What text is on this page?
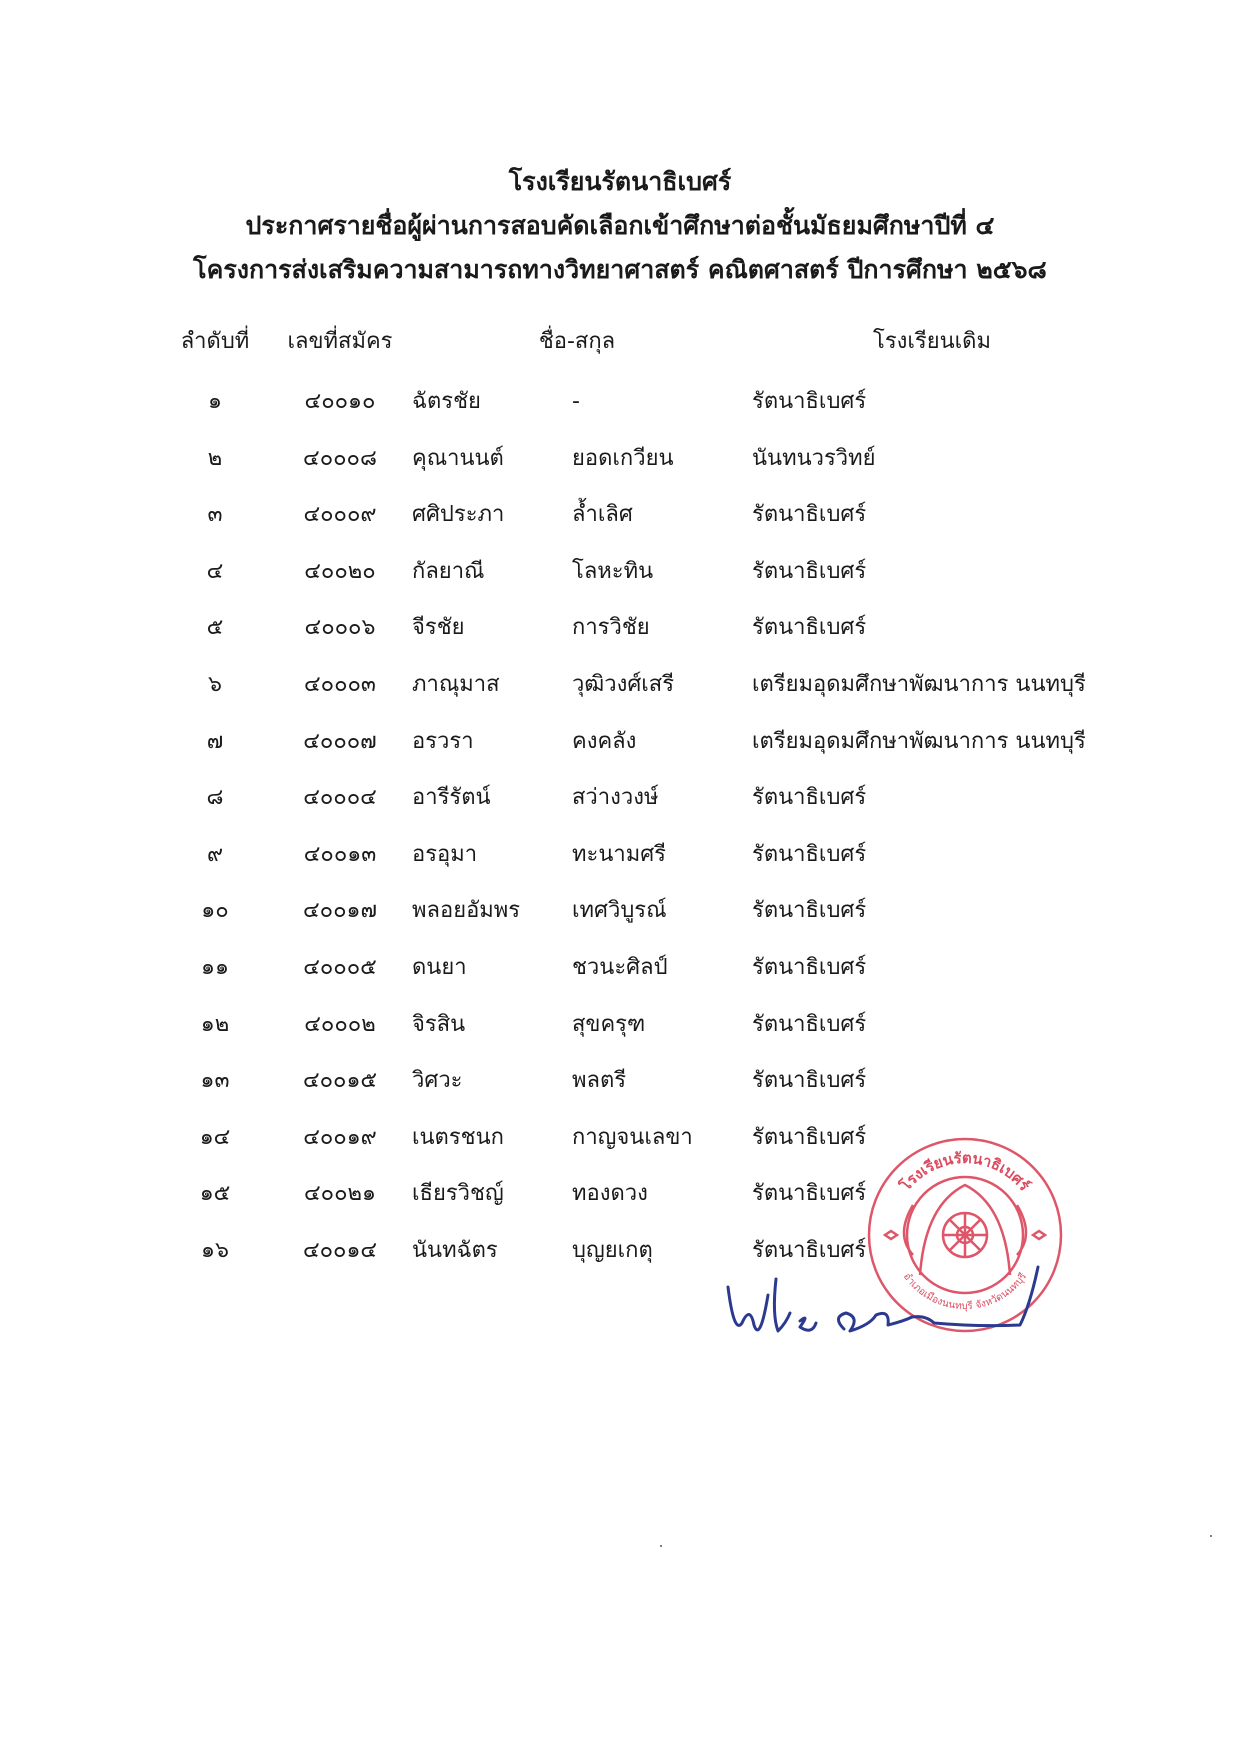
โรงเรียนรัตนาธิเบศร์
ประกาศรายชื่อผู้ผ่านการสอบคัดเลือกเข้าศึกษาต่อชั้นมัธยมศึกษาปีที่ ๔
โครงการส่งเสริมความสามารถทางวิทยาศาสตร์ คณิตศาสตร์ ปีการศึกษา ๒๕๖๘
ลำดับที่	เลขที่สมัคร	ชื่อ-สกุล	โรงเรียนเดิม
๑	๔๐๐๑๐	ฉัตรชัย	-	รัตนาธิเบศร์
๒	๔๐๐๐๘	คุณานนต์	ยอดเกวียน	นันทนวรวิทย์
๓	๔๐๐๐๙	ศศิประภา	ล้ำเลิศ	รัตนาธิเบศร์
๔	๔๐๐๒๐	กัลยาณี	โลหะทิน	รัตนาธิเบศร์
๕	๔๐๐๐๖	จีรชัย	การวิชัย	รัตนาธิเบศร์
๖	๔๐๐๐๓	ภาณุมาส	วุฒิวงศ์เสรี	เตรียมอุดมศึกษาพัฒนาการ นนทบุรี
๗	๔๐๐๐๗	อรวรา	คงคลัง	เตรียมอุดมศึกษาพัฒนาการ นนทบุรี
๘	๔๐๐๐๔	อารีรัตน์	สว่างวงษ์	รัตนาธิเบศร์
๙	๔๐๐๑๓	อรอุมา	ทะนามศรี	รัตนาธิเบศร์
๑๐	๔๐๐๑๗	พลอยอัมพร	เทศวิบูรณ์	รัตนาธิเบศร์
๑๑	๔๐๐๐๕	ดนยา	ชวนะศิลป์	รัตนาธิเบศร์
๑๒	๔๐๐๐๒	จิรสิน	สุขครุฑ	รัตนาธิเบศร์
๑๓	๔๐๐๑๕	วิศวะ	พลตรี	รัตนาธิเบศร์
๑๔	๔๐๐๑๙	เนตรชนก	กาญจนเลขา	รัตนาธิเบศร์
๑๕	๔๐๐๒๑	เธียรวิชญ์	ทองดวง	รัตนาธิเบศร์
๑๖	๔๐๐๑๔	นันทฉัตร	บุญยเกตุ	รัตนาธิเบศร์
โรงเรียนรัตนาธิเบศร์
อำเภอเมืองนนทบุรี จังหวัดนนทบุรี
